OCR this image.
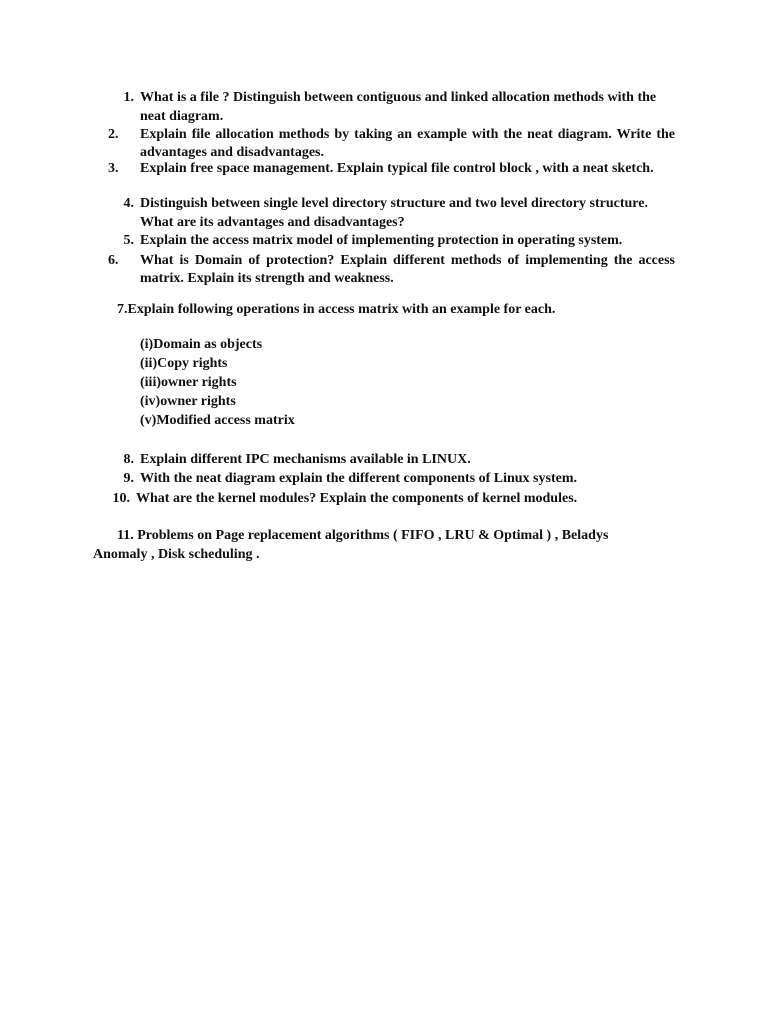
1. What is a file ? Distinguish between contiguous and linked allocation methods with the neat diagram.
2.	Explain file allocation methods by taking an example with the neat diagram. Write the advantages and disadvantages.
3.	Explain free space management. Explain typical file control block , with a neat sketch.
4. Distinguish between single level directory structure and two level directory structure. What are its advantages and disadvantages?
5. Explain the access matrix model of implementing protection in operating system.
6.	What is Domain of protection? Explain different methods of implementing the access matrix. Explain its strength and weakness.
7.Explain following operations in access matrix with an example for each.
(i)Domain as objects
(ii)Copy rights
(iii)owner rights
(iv)owner rights
(v)Modified access matrix
8. Explain different IPC mechanisms available in LINUX.
9. With the neat diagram explain the different components of Linux system.
10. What are the kernel modules? Explain the components of kernel modules.
11. Problems on Page replacement algorithms ( FIFO , LRU & Optimal ) , Beladys
Anomaly , Disk scheduling .
